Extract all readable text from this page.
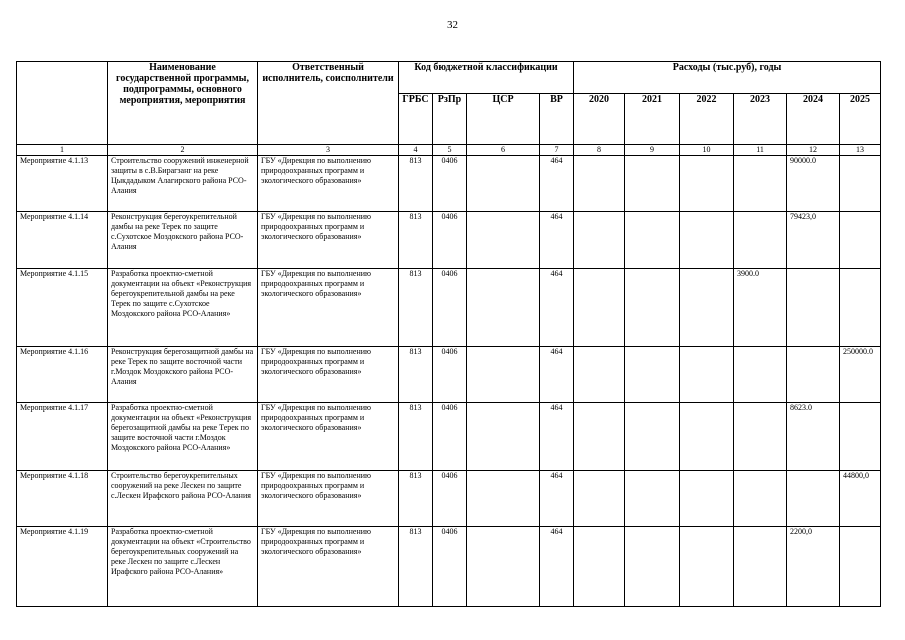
32
	Наименование государственной программы, подпрограммы, основного мероприятия, мероприятия	Ответственный исполнитель, соисполнители	Код бюджетной классификации				Расходы (тыс.руб), годы					
			ГРБС	РзПр	ЦСР	ВР	2020	2021	2022	2023	2024	2025
1	2	3	4	5	6	7	8	9	10	11	12	13
Мероприятие 4.1.13	Строительство сооружений инженерной защиты в с.В.Бирагзанг на реке Цыкдадыком Алагирского района РСО-Алания	ГБУ «Дирекция по выполнению природоохранных программ и экологического образования»	813	0406		464					90000.0	
Мероприятие 4.1.14	Реконструкция берегоукрепительной дамбы на реке Терек по защите с.Сухотское Моздокского района РСО-Алания	ГБУ «Дирекция по выполнению природоохранных программ и экологического образования»	813	0406		464					79423,0	
Мероприятие 4.1.15	Разработка проектно-сметной документации на объект «Реконструкция берегоукрепительной дамбы на реке Терек по защите с.Сухотское Моздокского района РСО-Алания»	ГБУ «Дирекция по выполнению природоохранных программ и экологического образования»	813	0406		464				3900.0		
Мероприятие 4.1.16	Реконструкция берегозащитной дамбы на реке Терек по защите восточной части г.Моздок Моздокского района РСО-Алания	ГБУ «Дирекция по выполнению природоохранных программ и экологического образования»	813	0406		464						250000.0
Мероприятие 4.1.17	Разработка проектно-сметной документации на объект «Реконструкция берегозащитной дамбы на реке Терек по защите восточной части г.Моздок Моздокского района РСО-Алания»	ГБУ «Дирекция по выполнению природоохранных программ и экологического образования»	813	0406		464					8623.0	
Мероприятие 4.1.18	Строительство берегоукрепительных сооружений на реке Лескен по защите с.Лескен Ирафского района РСО-Алания	ГБУ «Дирекция по выполнению природоохранных программ и экологического образования»	813	0406		464						44800,0
Мероприятие 4.1.19	Разработка проектно-сметной документации на объект «Строительство берегоукрепительных сооружений на реке Лескен по защите с.Лескен Ирафского района РСО-Алания»	ГБУ «Дирекция по выполнению природоохранных программ и экологического образования»	813	0406		464					2200,0	
